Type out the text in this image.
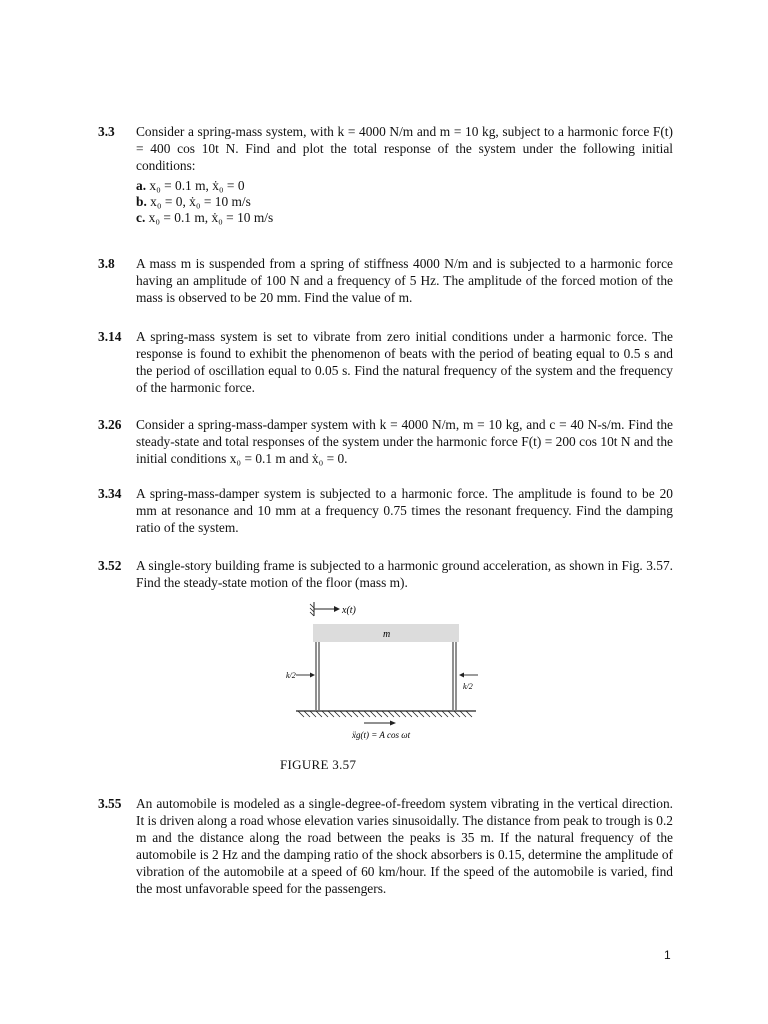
3.3 Consider a spring-mass system, with k = 4000 N/m and m = 10 kg, subject to a harmonic force F(t) = 400 cos 10t N. Find and plot the total response of the system under the following initial conditions:
a. x₀ = 0.1 m, ẋ₀ = 0
b. x₀ = 0, ẋ₀ = 10 m/s
c. x₀ = 0.1 m, ẋ₀ = 10 m/s
3.8 A mass m is suspended from a spring of stiffness 4000 N/m and is subjected to a harmonic force having an amplitude of 100 N and a frequency of 5 Hz. The amplitude of the forced motion of the mass is observed to be 20 mm. Find the value of m.
3.14 A spring-mass system is set to vibrate from zero initial conditions under a harmonic force. The response is found to exhibit the phenomenon of beats with the period of beating equal to 0.5 s and the period of oscillation equal to 0.05 s. Find the natural frequency of the system and the frequency of the harmonic force.
3.26 Consider a spring-mass-damper system with k = 4000 N/m, m = 10 kg, and c = 40 N-s/m. Find the steady-state and total responses of the system under the harmonic force F(t) = 200 cos 10t N and the initial conditions x₀ = 0.1 m and ẋ₀ = 0.
3.34 A spring-mass-damper system is subjected to a harmonic force. The amplitude is found to be 20 mm at resonance and 10 mm at a frequency 0.75 times the resonant frequency. Find the damping ratio of the system.
3.52 A single-story building frame is subjected to a harmonic ground acceleration, as shown in Fig. 3.57. Find the steady-state motion of the floor (mass m).
x(t)
m
k/2
k/2
ẍg(t) = A cos ωt
FIGURE 3.57
3.55 An automobile is modeled as a single-degree-of-freedom system vibrating in the vertical direction. It is driven along a road whose elevation varies sinusoidally. The distance from peak to trough is 0.2 m and the distance along the road between the peaks is 35 m. If the natural frequency of the automobile is 2 Hz and the damping ratio of the shock absorbers is 0.15, determine the amplitude of vibration of the automobile at a speed of 60 km/hour. If the speed of the automobile is varied, find the most unfavorable speed for the passengers.
1
